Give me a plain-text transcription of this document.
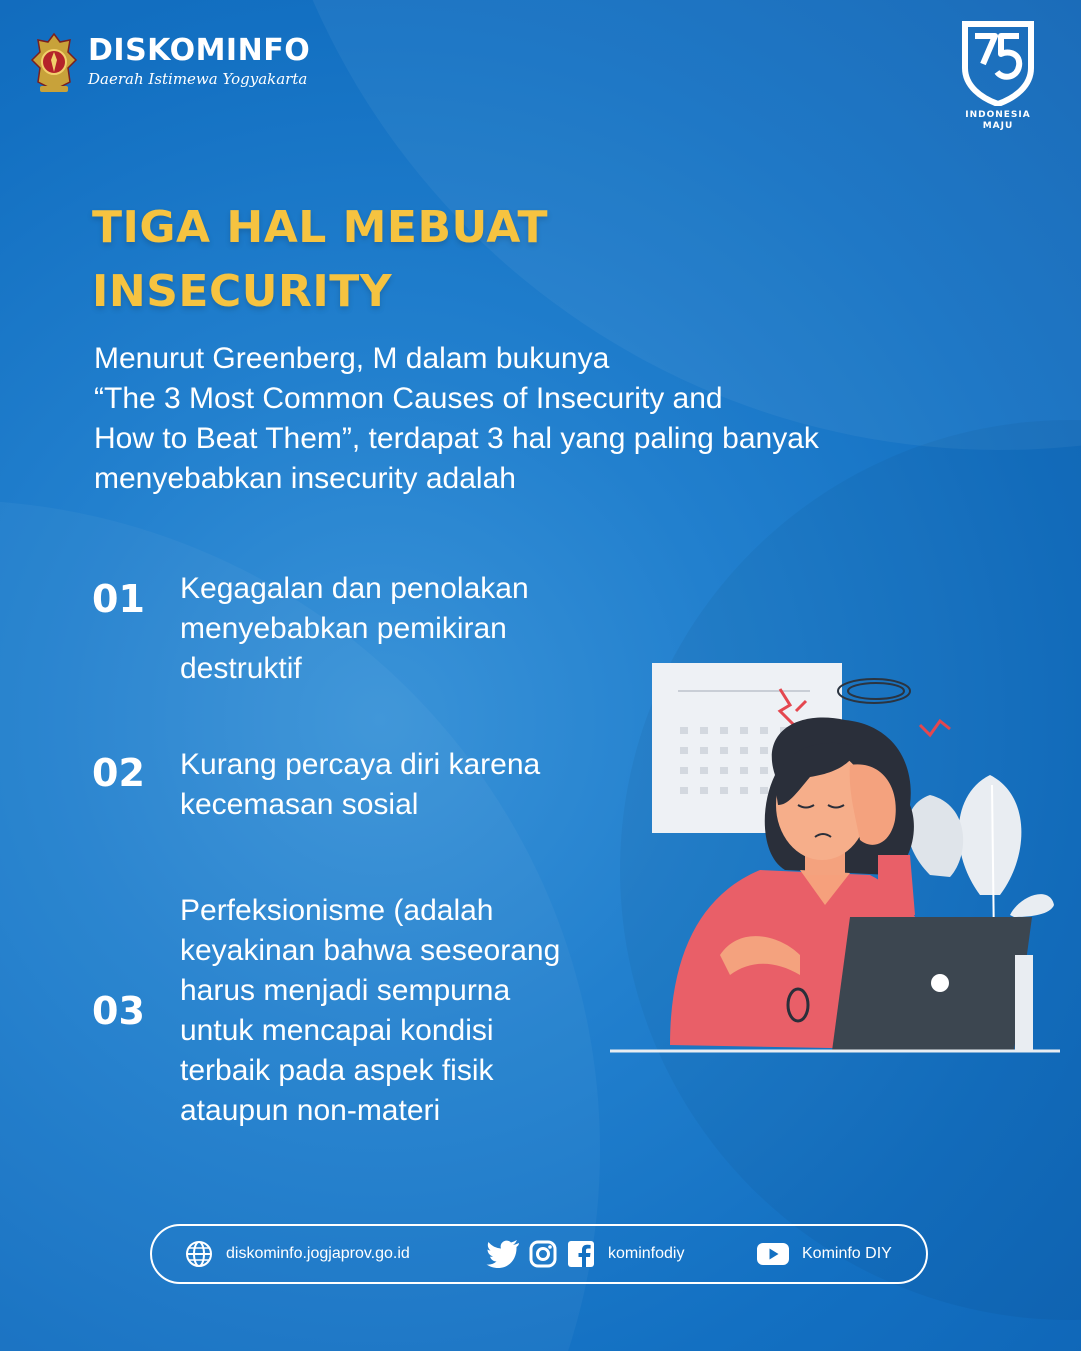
DISKOMINFO
Daerah Istimewa Yogyakarta
INDONESIA
MAJU
TIGA HAL MEBUAT
INSECURITY
Menurut Greenberg, M dalam bukunya
“The 3 Most Common Causes of Insecurity and
How to Beat Them”, terdapat 3 hal yang paling banyak
menyebabkan insecurity adalah
01	Kegagalan dan penolakan
menyebabkan pemikiran
destruktif
02	Kurang percaya diri karena
kecemasan sosial
03
Perfeksionisme (adalah
keyakinan bahwa seseorang
harus menjadi sempurna
untuk mencapai kondisi
terbaik pada aspek fisik
ataupun non-materi
diskominfo.jogjaprov.go.id	kominfodiy	Kominfo DIY
